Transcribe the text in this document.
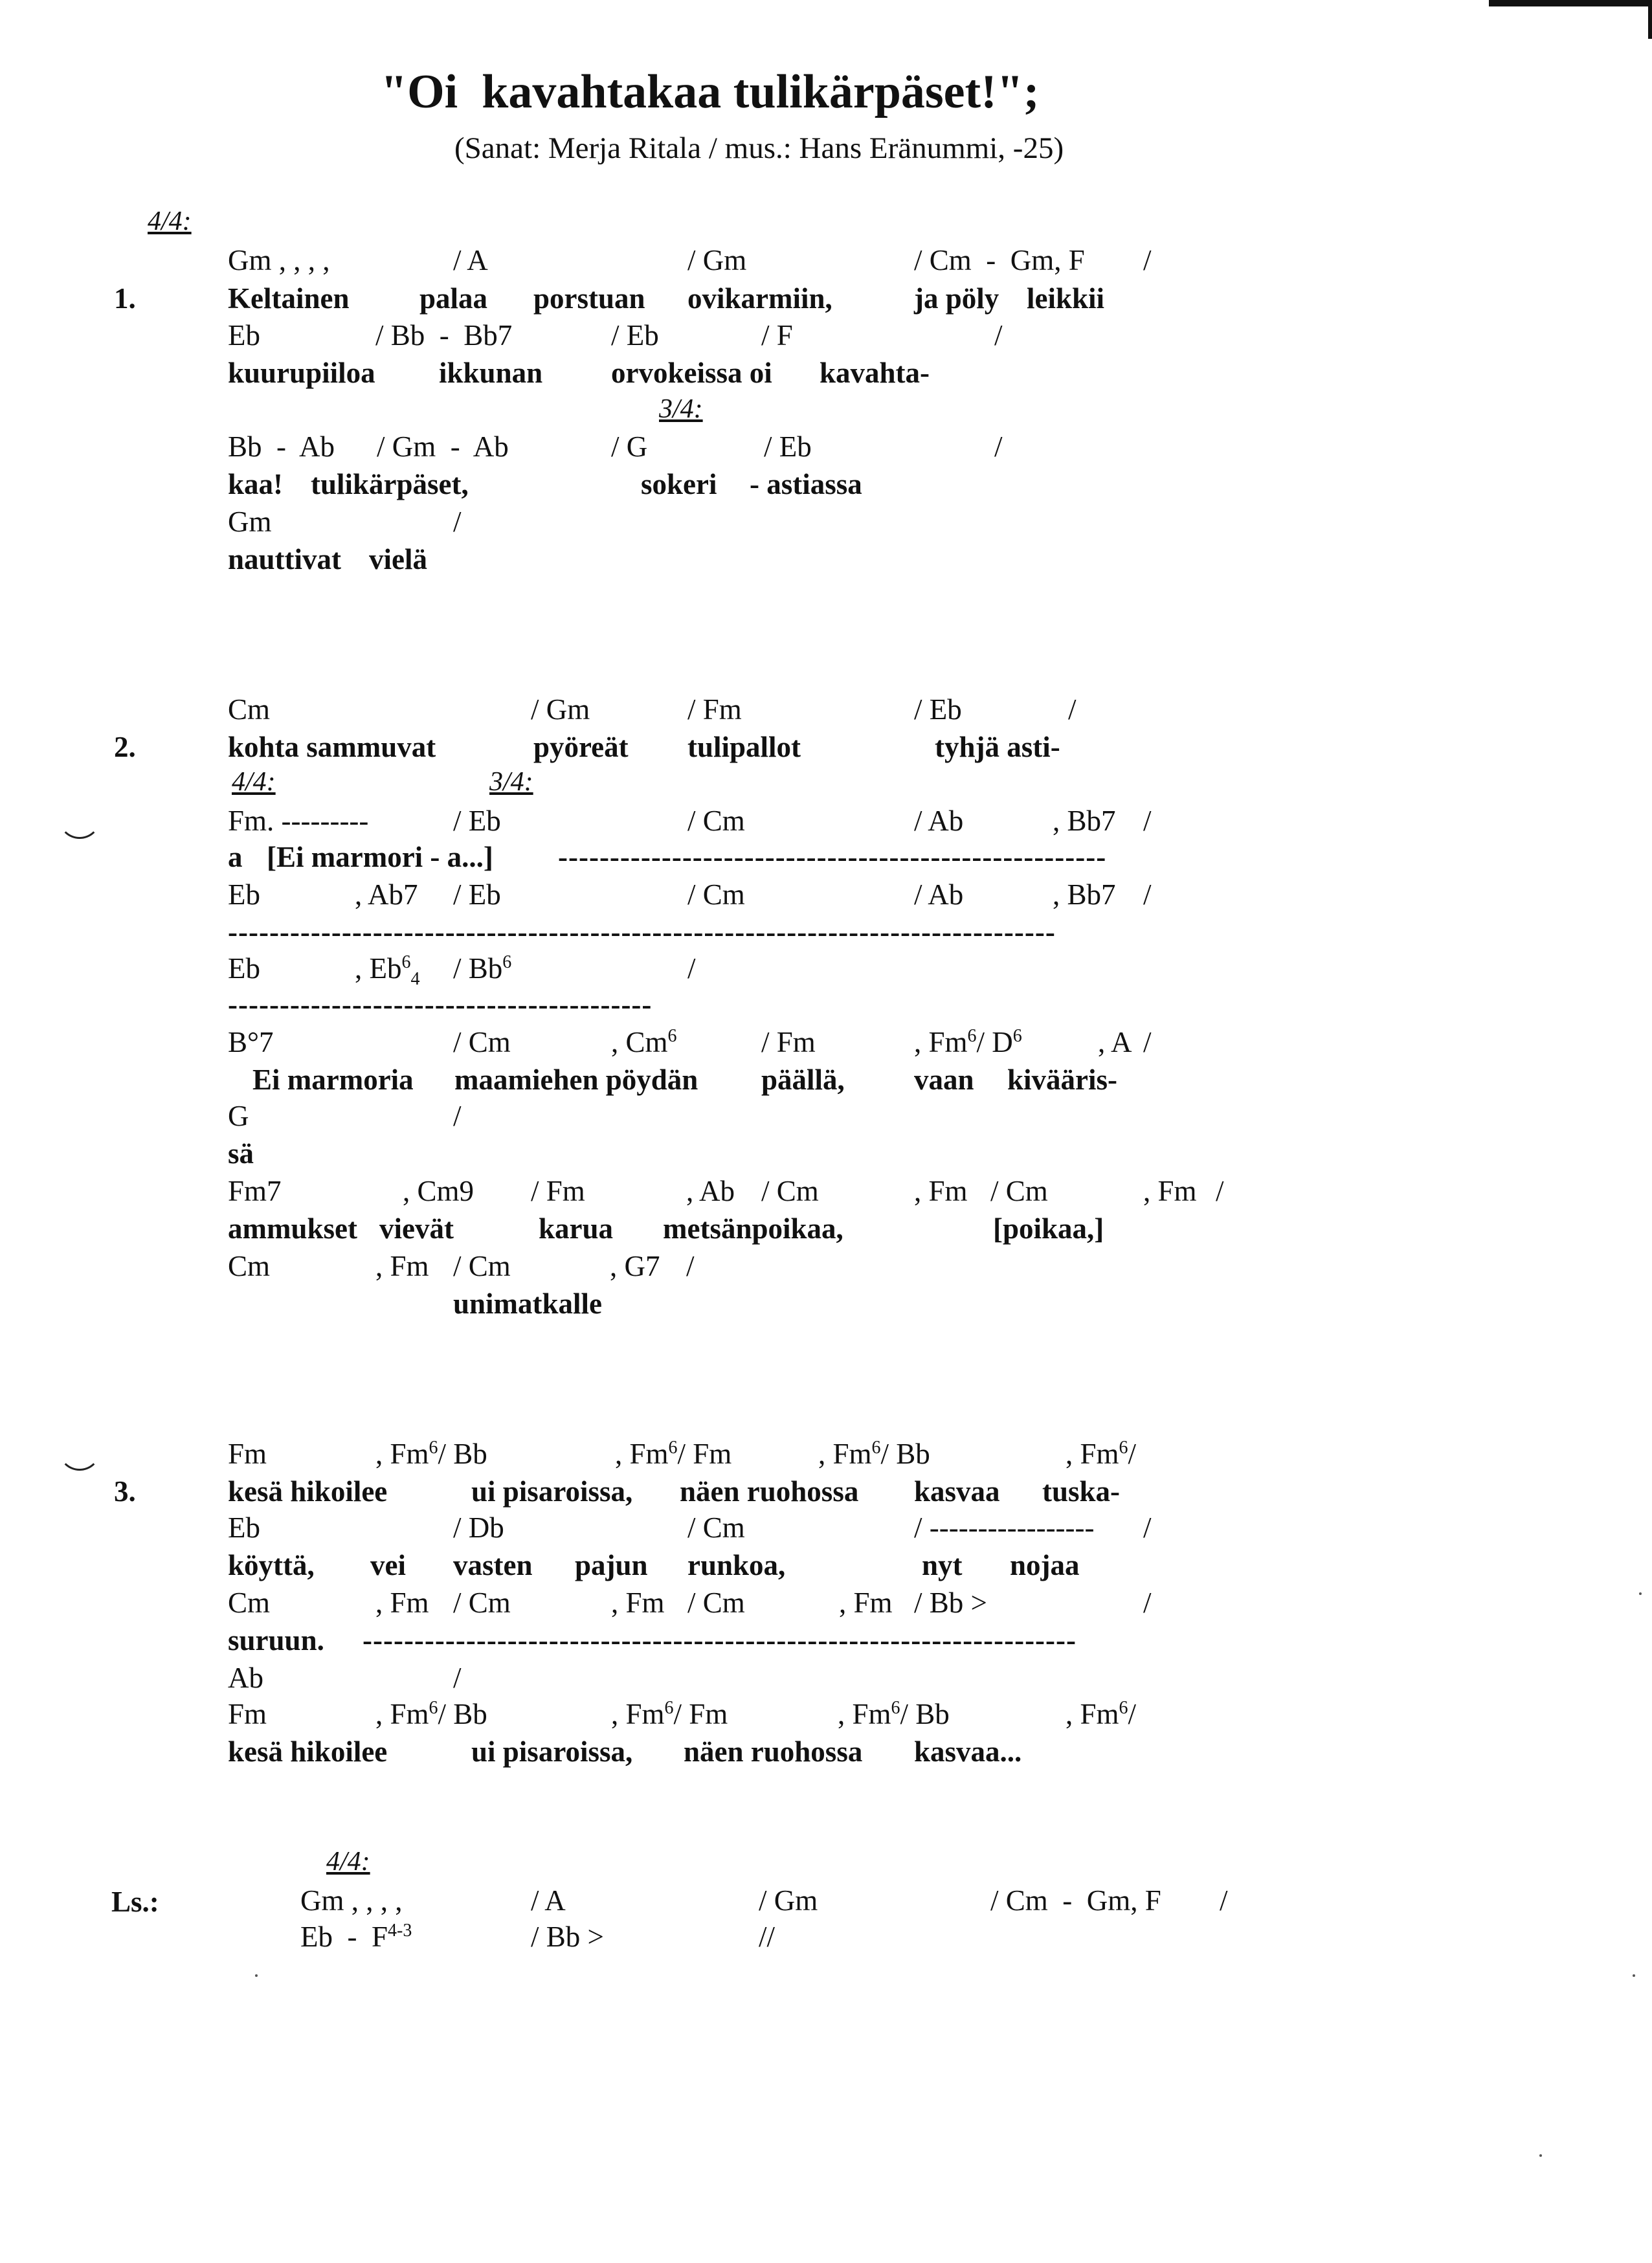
"Oi  kavahtakaa tulikärpäset!";
(Sanat: Merja Ritala / mus.: Hans Eränummi, -25)
4/4:
1.
Gm , , , ,	/ A	/ Gm	/ Cm  -  Gm, F /
Keltainen palaa porstuan ovikarmiin,	ja pöly leikkii
Eb	/ Bb  -  Bb7	/ Eb	/ F	/
kuurupiiloa ikkunan orvokeissa oi kavahta-
3/4:
Bb  -  Ab / Gm  -  Ab	/ G	/ Eb	/
kaa! tulikärpäset,	sokeri - astiassa
Gm	/
nauttivat vielä
2.
Cm	/ Gm	/ Fm	/ Eb	/
kohta sammuvat	pyöreät tulipallot	tyhjä asti-
4/4:	3/4:
Fm. ---------	/ Eb	/ Cm	/ Ab	, Bb7 /
a [Ei marmori - a...] -----------------------------------------------------
Eb	, Ab7 / Eb	/ Cm	/ Ab	, Bb7 /
--------------------------------------------------------------------------------
Eb	, $Eb^6_4 / Bb^6$	/
-----------------------------------------
B°7	/ Cm	, Cm$^6$	/ Fm	, Fm$^6$/ $D^6$	, A /
Ei marmoria maamiehen pöydän päällä, vaan kivääris-
G	/
sä
Fm7	, Cm9 / Fm	, Ab / Cm	, Fm / Cm	, Fm /
ammukset vievät	karua metsänpoikaa,	[poikaa,]
Cm	, Fm / Cm	, G7 /
unimatkalle
3.
Fm	, Fm$^6$/ Bb	, Fm$^6$/ Fm	, Fm$^6$/ Bb	, Fm$^6$/
kesä hikoilee	ui pisaroissa, näen ruohossa kasvaa tuska-
Eb	/ Db	/ Cm	/ ----------------- /
köyttä, vei vasten pajun runkoa,	nyt nojaa
Cm	, Fm / Cm	, Fm / Cm	, Fm / Bb >	/
suruun. ---------------------------------------------------------------------
Ab	/
Fm	, Fm$^6$/ Bb	, Fm$^6$/ Fm	, Fm$^6$/ Bb	, Fm$^6$/
kesä hikoilee	ui pisaroissa, näen ruohossa kasvaa...
4/4:
Ls.:	Gm , , , ,	/ A	/ Gm	/ Cm  -  Gm, F /
Eb  -  $F^{4-3}$	/ Bb >	//
